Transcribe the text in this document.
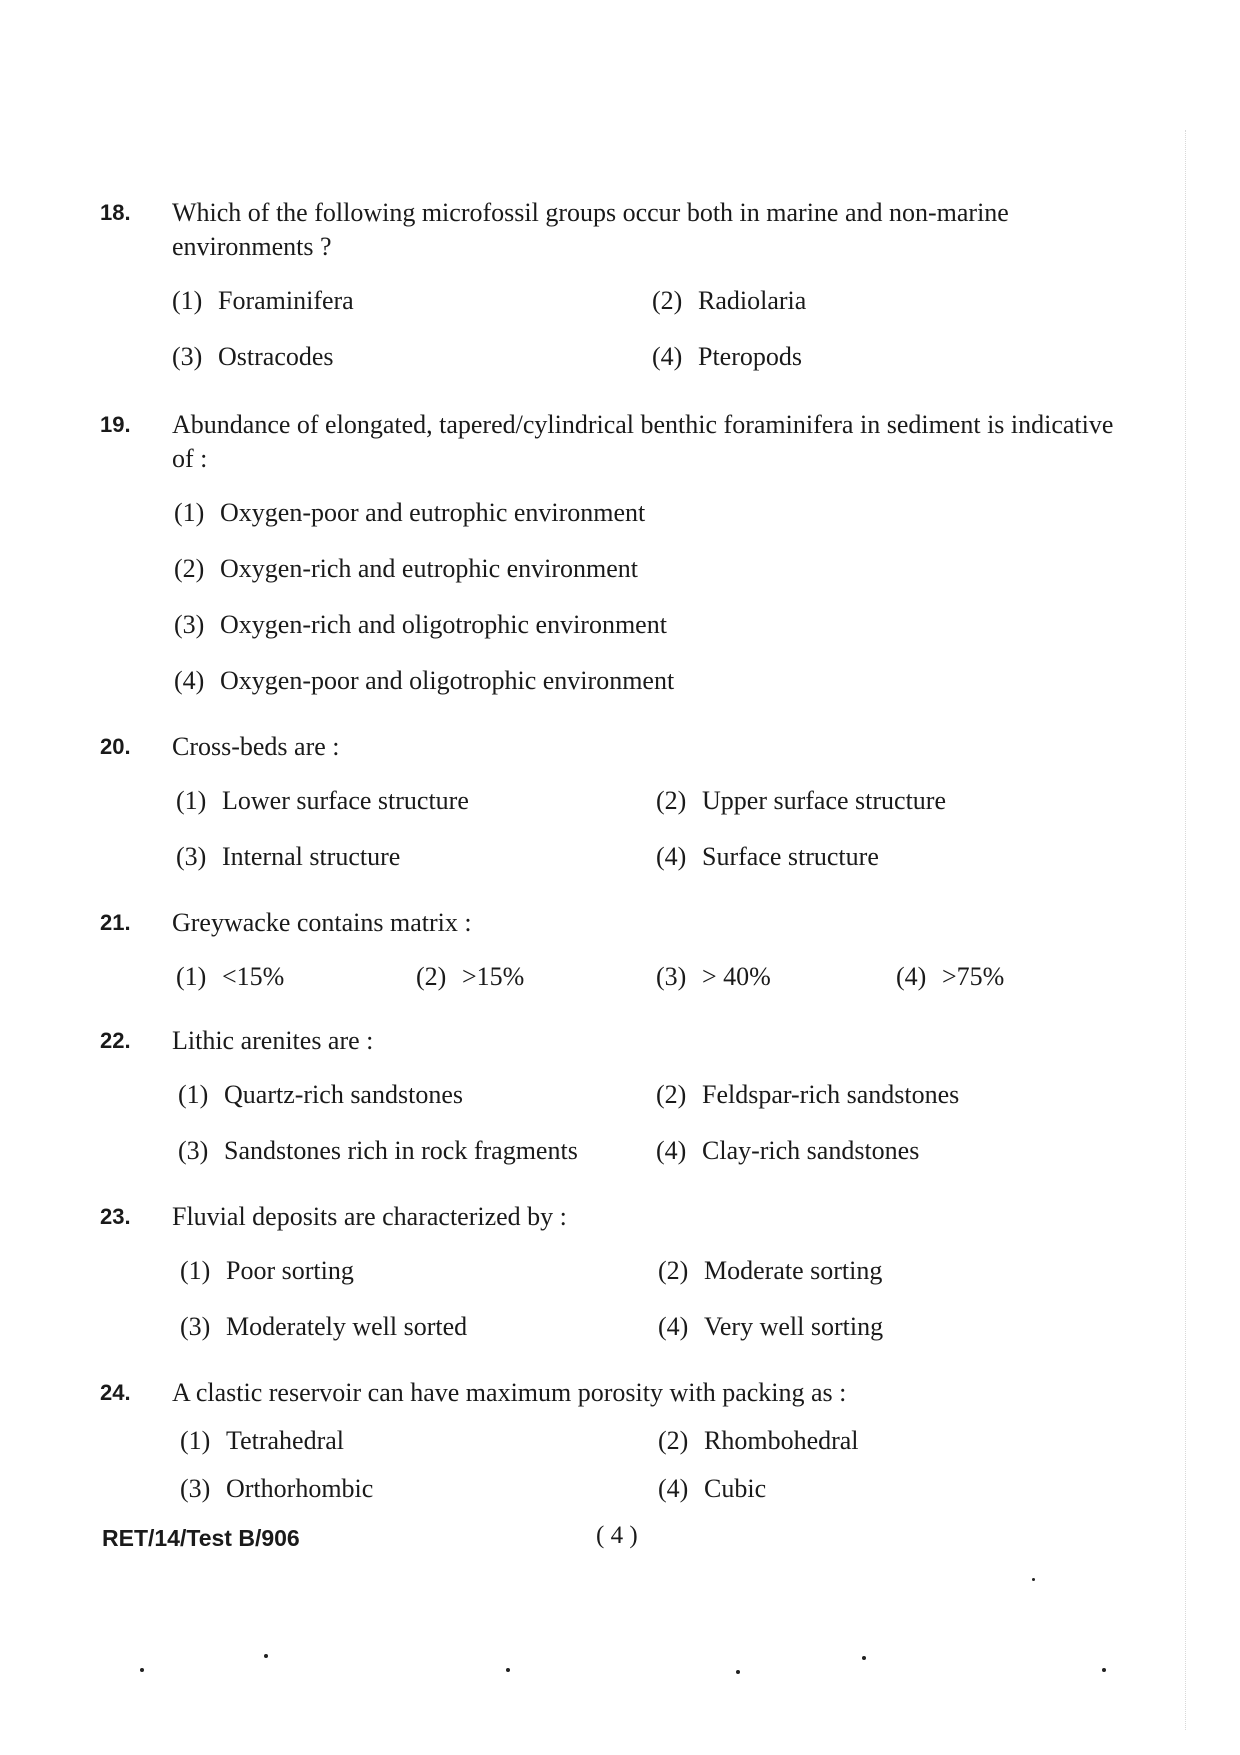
18. Which of the following microfossil groups occur both in marine and non-marine environments ?
(1) Foraminifera	(2) Radiolaria
(3) Ostracodes	(4) Pteropods
19. Abundance of elongated, tapered/cylindrical benthic foraminifera in sediment is indicative of :
(1) Oxygen-poor and eutrophic environment
(2) Oxygen-rich and eutrophic environment
(3) Oxygen-rich and oligotrophic environment
(4) Oxygen-poor and oligotrophic environment
20. Cross-beds are :
(1) Lower surface structure	(2) Upper surface structure
(3) Internal structure	(4) Surface structure
21. Greywacke contains matrix :
(1) <15%	(2) >15%	(3) > 40%	(4) >75%
22. Lithic arenites are :
(1) Quartz-rich sandstones	(2) Feldspar-rich sandstones
(3) Sandstones rich in rock fragments	(4) Clay-rich sandstones
23. Fluvial deposits are characterized by :
(1) Poor sorting	(2) Moderate sorting
(3) Moderately well sorted	(4) Very well sorting
24. A clastic reservoir can have maximum porosity with packing as :
(1) Tetrahedral	(2) Rhombohedral
(3) Orthorhombic	(4) Cubic
RET/14/Test B/906	( 4 )
